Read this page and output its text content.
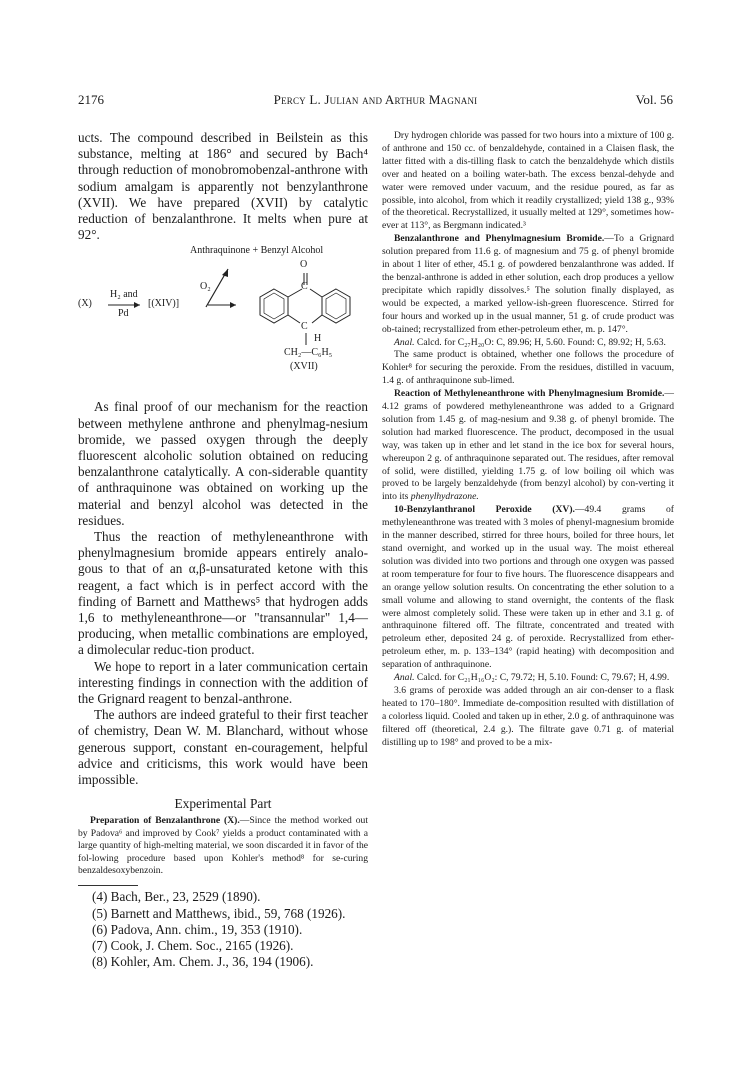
2176	Percy L. Julian and Arthur Magnani	Vol. 56

ucts. The compound described in Beilstein as this substance, melting at 186° and secured by Bach⁴ through reduction of monobromobenzal-anthrone with sodium amalgam is apparently not benzylanthrone (XVII). We have prepared (XVII) by catalytic reduction of benzalanthrone. It melts when pure at 92°.

Anthraquinone + Benzyl Alcohol
O₂
(X)
H₂ and
Pd
[(XIV)]
O
C
C
H
CH₂—C₆H₅
(XVII)

As final proof of our mechanism for the reaction between methylene anthrone and phenylmag-nesium bromide, we passed oxygen through the deeply fluorescent alcoholic solution obtained on reducing benzalanthrone catalytically. A con-siderable quantity of anthraquinone was obtained on working up the material and benzyl alcohol was detected in the residues.

Thus the reaction of methyleneanthrone with phenylmagnesium bromide appears entirely analo-gous to that of an α,β-unsaturated ketone with this reagent, a fact which is in perfect accord with the finding of Barnett and Matthews⁵ that hydrogen adds 1,6 to methyleneanthrone—or "transannular" 1,4—producing, when metallic combinations are employed, a dimolecular reduc-tion product.

We hope to report in a later communication certain interesting findings in connection with the addition of the Grignard reagent to benzal-anthrone.

The authors are indeed grateful to their first teacher of chemistry, Dean W. M. Blanchard, without whose generous support, constant en-couragement, helpful advice and criticisms, this work would have been impossible.

Experimental Part

Preparation of Benzalanthrone (X).—Since the method worked out by Padova⁶ and improved by Cook⁷ yields a product contaminated with a large quantity of high-melting material, we soon discarded it in favor of the fol-lowing procedure based upon Kohler's method⁸ for se-curing benzaldesoxybenzoin.

(4) Bach, Ber., 23, 2529 (1890).

(5) Barnett and Matthews, ibid., 59, 768 (1926).

(6) Padova, Ann. chim., 19, 353 (1910).

(7) Cook, J. Chem. Soc., 2165 (1926).

(8) Kohler, Am. Chem. J., 36, 194 (1906).

Dry hydrogen chloride was passed for two hours into a mixture of 100 g. of anthrone and 150 cc. of benzaldehyde, contained in a Claisen flask, the latter fitted with a dis-tilling flask to catch the benzaldehyde which distils over and heated on a boiling water-bath. The excess benzal-dehyde and water were removed under vacuum, and the residue poured, as far as possible, into alcohol, from which it readily crystallized; yield 138 g., 93% of the theoretical. Recrystallized, it usually melted at 129°, sometimes how-ever at 113°, as Bergmann indicated.³

Benzalanthrone and Phenylmagnesium Bromide.—To a Grignard solution prepared from 11.6 g. of magnesium and 75 g. of phenyl bromide in about 1 liter of ether, 45.1 g. of powdered benzalanthrone was added. If the benzal-anthrone is added in ether solution, each drop produces a yellow precipitate which rapidly dissolves.⁵ The solution finally displayed, as would be expected, a marked yellow-ish-green fluorescence. Stirred for four hours and worked up in the usual manner, 51 g. of crude product was ob-tained; recrystallized from ether-petroleum ether, m. p. 147°.

Anal. Calcd. for C₂₇H₂₀O: C, 89.96; H, 5.60. Found: C, 89.92; H, 5.63.

The same product is obtained, whether one follows the procedure of Kohler⁸ for securing the peroxide. From the residues, distilled in vacuum, 1.4 g. of anthraquinone sub-limed.

Reaction of Methyleneanthrone with Phenylmagnesium Bromide.—4.12 grams of powdered methyleneanthrone was added to a Grignard solution from 1.45 g. of mag-nesium and 9.38 g. of phenyl bromide. The solution had marked fluorescence. The product, decomposed in the usual way, was taken up in ether and let stand in the ice box for several hours, whereupon 2 g. of anthraquinone separated out. The residues, after removal of solid, were distilled, yielding 1.75 g. of low boiling oil which was proved to be largely benzaldehyde (from benzyl alcohol) by con-verting it into its phenylhydrazone.

10-Benzylanthranol Peroxide (XV).—49.4 grams of methyleneanthrone was treated with 3 moles of phenyl-magnesium bromide in the manner described, stirred for three hours, boiled for three hours, let stand overnight, and worked up in the usual way. The moist ethereal solution was divided into two portions and through one oxygen was passed at room temperature for four to five hours. The fluorescence disappears and an orange yellow solution results. On concentrating the ether solution to a small volume and allowing to stand overnight, the contents of the flask were almost completely solid. These were taken up in ether and 3.1 g. of anthraquinone filtered off. The filtrate, concentrated and treated with petroleum ether, deposited 24 g. of peroxide. Recrystallized from ether-petroleum ether, m. p. 133–134° (rapid heating) with decomposition and separation of anthraquinone.

Anal. Calcd. for C₂₁H₁₆O₂: C, 79.72; H, 5.10. Found: C, 79.67; H, 4.99.

3.6 grams of peroxide was added through an air con-denser to a flask heated to 170–180°. Immediate de-composition resulted with distillation of a colorless liquid. Cooled and taken up in ether, 2.0 g. of anthraquinone was filtered off (theoretical, 2.4 g.). The filtrate gave 0.71 g. of material distilling up to 198° and proved to be a mix-
